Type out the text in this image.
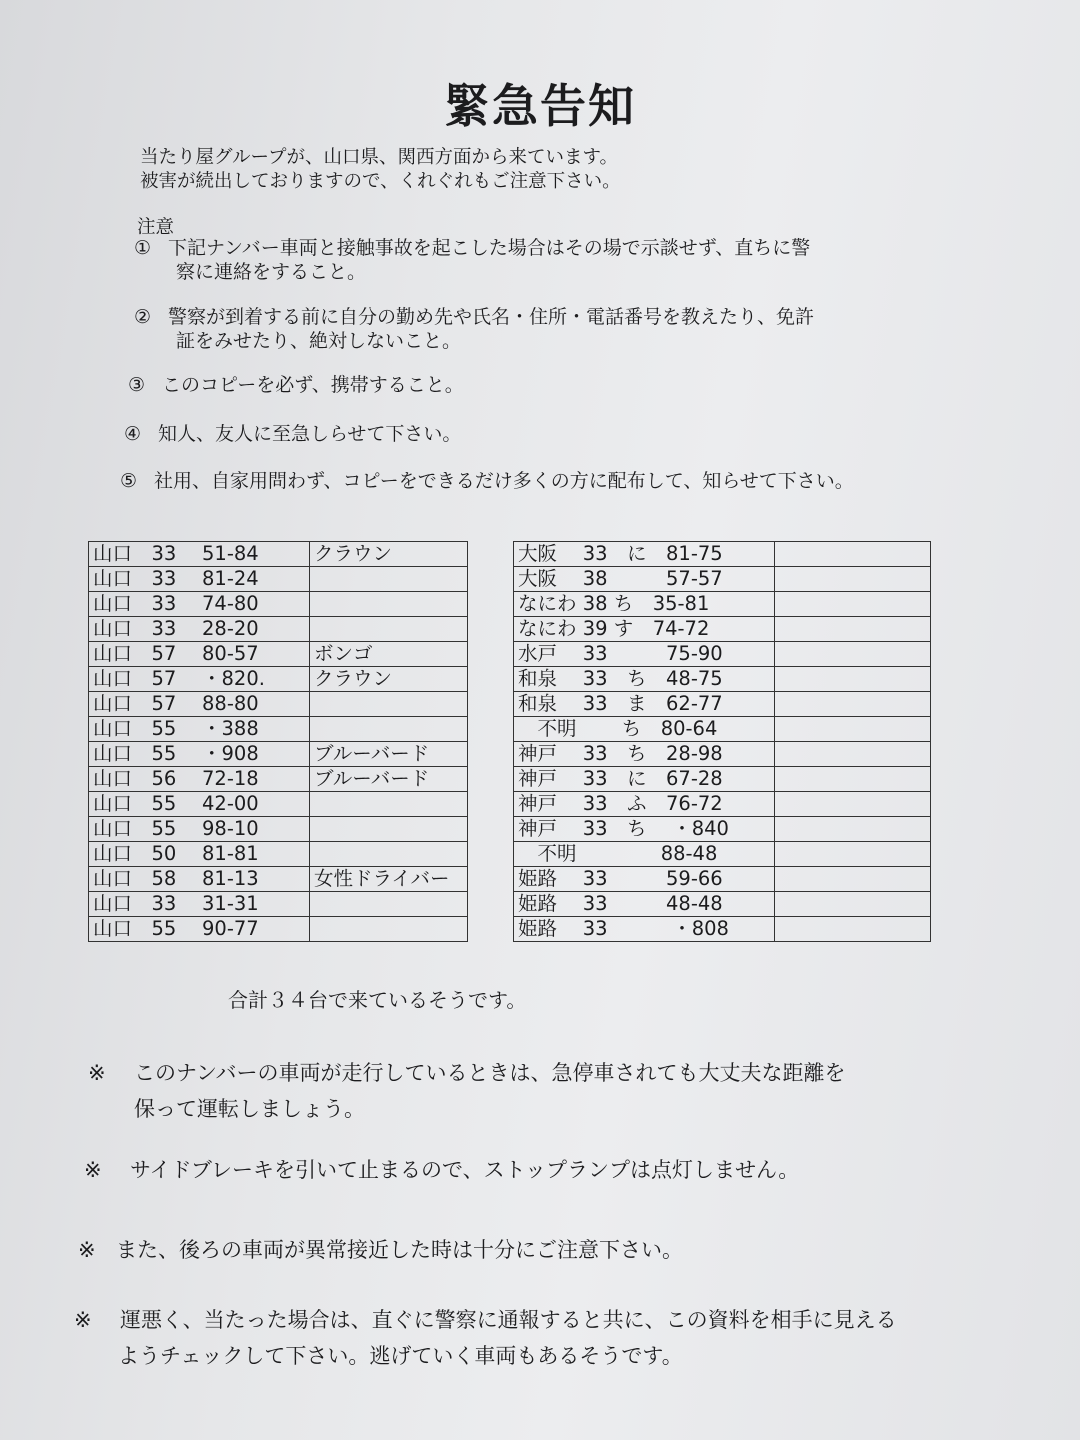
緊急告知
当たり屋グループが、山口県、関西方面から来ています。
被害が続出しておりますので、くれぐれもご注意下さい。
注意
① 下記ナンバー車両と接触事故を起こした場合はその場で示談せず、直ちに警
察に連絡をすること。
② 警察が到着する前に自分の勤め先や氏名・住所・電話番号を教えたり、免許
証をみせたり、絶対しないこと。
③ このコピーを必ず、携帯すること。
④ 知人、友人に至急しらせて下さい。
⑤ 社用、自家用問わず、コピーをできるだけ多くの方に配布して、知らせて下さい。
山口　33　 51-84	クラウン
山口　33　 81-24	
山口　33　 74-80	
山口　33　 28-20	
山口　57　 80-57	ボンゴ
山口　57　 ・820.	クラウン
山口　57　 88-80	
山口　55　 ・388	
山口　55　 ・908	ブルーバード
山口　56　 72-18	ブルーバード
山口　55　 42-00	
山口　55　 98-10	
山口　50　 81-81	
山口　58　 81-13	女性ドライバー
山口　33　 31-31	
山口　55　 90-77	
大阪　 33　に　81-75	
大阪　 38　　　57-57	
なにわ 38 ち　35-81	
なにわ 39 す　74-72	
水戸　 33　　　75-90	
和泉　 33　ち　48-75	
和泉　 33　ま　62-77	
　不明　　 ち　80-64	
神戸　 33　ち　28-98	
神戸　 33　に　67-28	
神戸　 33　ふ　76-72	
神戸　 33　ち　 ・840	
　不明　　　　 88-48	
姫路　 33　　　59-66	
姫路　 33　　　48-48	
姫路　 33　　　 ・808	
合計３４台で来ているそうです。
※ このナンバーの車両が走行しているときは、急停車されても大丈夫な距離を
保って運転しましょう。
※ サイドブレーキを引いて止まるので、ストップランプは点灯しません。
※ また、後ろの車両が異常接近した時は十分にご注意下さい。
※ 運悪く、当たった場合は、直ぐに警察に通報すると共に、この資料を相手に見える
ようチェックして下さい。逃げていく車両もあるそうです。
